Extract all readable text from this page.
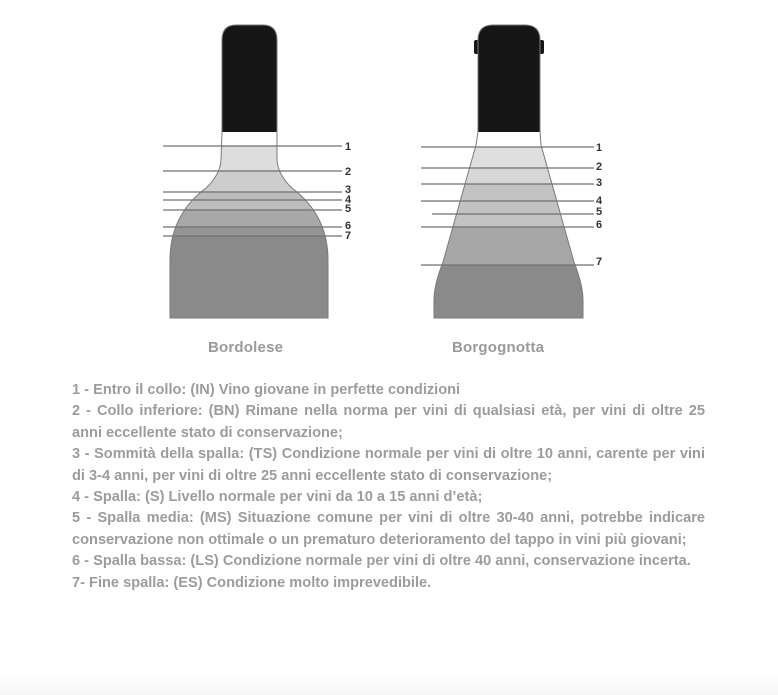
1
2
3
4
5
6
7
1
2
3
4
5
6
7
Bordolese	Borgognotta

1 - Entro il collo: (IN) Vino giovane in perfette condizioni

2 - Collo inferiore: (BN) Rimane nella norma per vini di qualsiasi età, per vini di oltre 25 anni eccellente stato di conservazione;

3 - Sommità della spalla: (TS) Condizione normale per vini di oltre 10 anni, carente per vini di 3-4 anni, per vini di oltre 25 anni eccellente stato di conservazione;

4 - Spalla: (S) Livello normale per vini da 10 a 15 anni d’età;

5 - Spalla media: (MS) Situazione comune per vini di oltre 30-40 anni, potrebbe indicare conservazione non ottimale o un prematuro deterioramento del tappo in vini più giovani;

6 - Spalla bassa: (LS) Condizione normale per vini di oltre 40 anni, conservazione incerta.

7- Fine spalla: (ES) Condizione molto imprevedibile.
